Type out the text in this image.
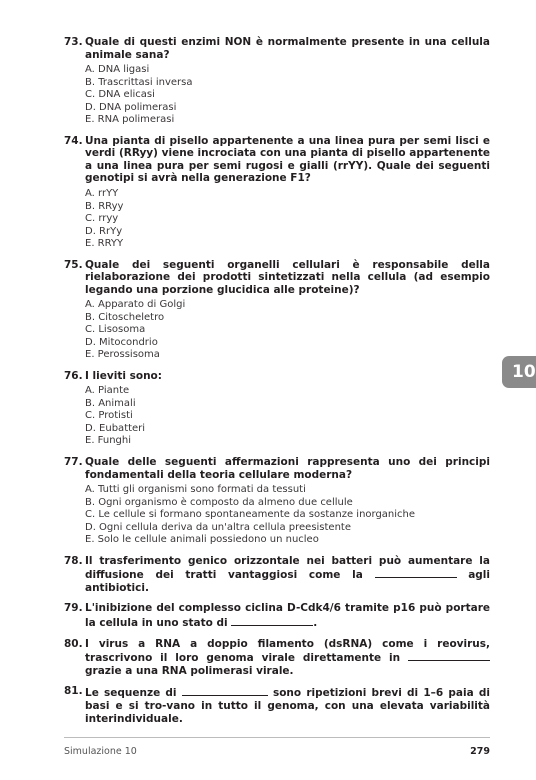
73. Quale di questi enzimi NON è normalmente presente in una cellula animale sana?
A. DNA ligasi
B. Trascrittasi inversa
C. DNA elicasi
D. DNA polimerasi
E. RNA polimerasi
74. Una pianta di pisello appartenente a una linea pura per semi lisci e verdi (RRyy) viene incrociata con una pianta di pisello appartenente a una linea pura per semi rugosi e gialli (rrYY). Quale dei seguenti genotipi si avrà nella generazione F1?
A. rrYY
B. RRyy
C. rryy
D. RrYy
E. RRYY
75. Quale dei seguenti organelli cellulari è responsabile della rielaborazione dei prodotti sintetizzati nella cellula (ad esempio legando una porzione glucidica alle proteine)?
A. Apparato di Golgi
B. Citoscheletro
C. Lisosoma
D. Mitocondrio
E. Perossisoma
76. I lieviti sono:
A. Piante
B. Animali
C. Protisti
D. Eubatteri
E. Funghi
77. Quale delle seguenti affermazioni rappresenta uno dei principi fondamentali della teoria cellulare moderna?
A. Tutti gli organismi sono formati da tessuti
B. Ogni organismo è composto da almeno due cellule
C. Le cellule si formano spontaneamente da sostanze inorganiche
D. Ogni cellula deriva da un'altra cellula preesistente
E. Solo le cellule animali possiedono un nucleo
78. Il trasferimento genico orizzontale nei batteri può aumentare la diffusione dei tratti vantaggiosi come la	agli antibiotici.
79. L'inibizione del complesso ciclina D-Cdk4/6 tramite p16 può portare la cellula in uno stato di	.
80. I virus a RNA a doppio filamento (dsRNA) come i reovirus, trascrivono il loro genoma virale direttamente in  grazie a una RNA polimerasi virale.
81. Le sequenze di	sono ripetizioni brevi di 1–6 paia di basi e si tro-vano in tutto il genoma, con una elevata variabilità interindividuale.
10
Simulazione 10	279
